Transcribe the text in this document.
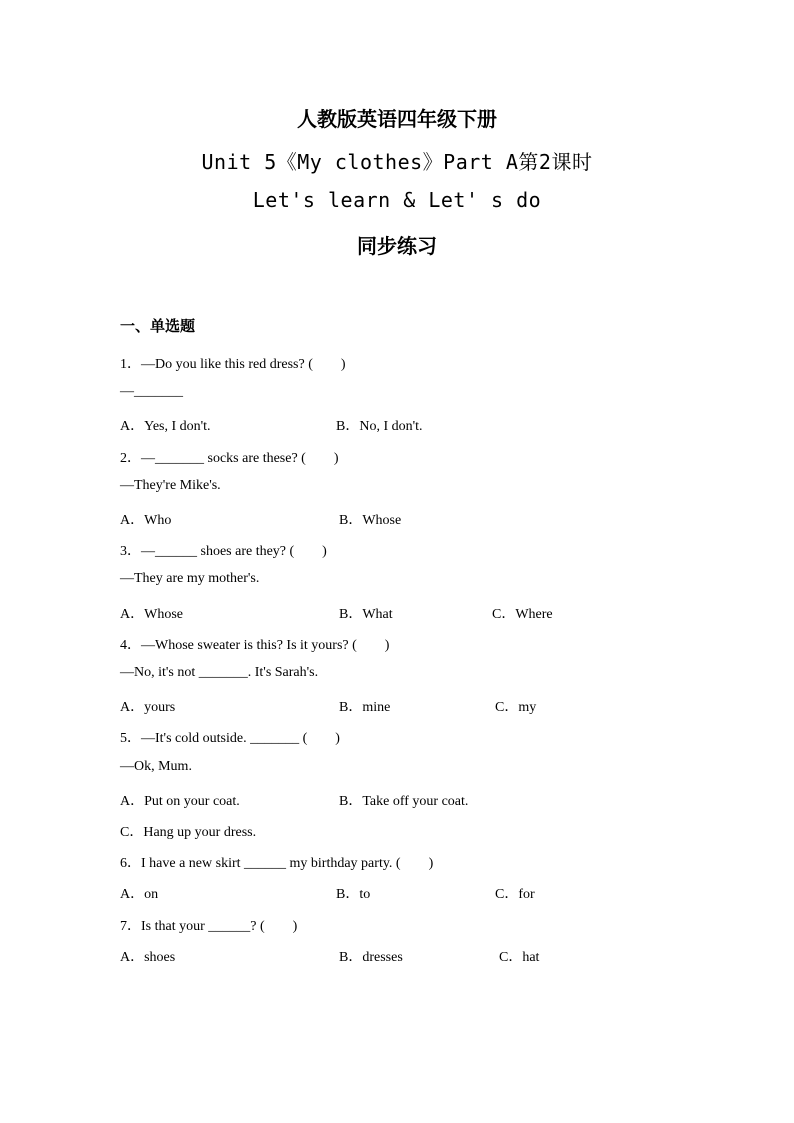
人教版英语四年级下册
Unit 5《My clothes》Part A第2课时
Let's learn & Let' s do
同步练习
一、单选题
1．—Do you like this red dress? (　　)
—_______
A．Yes, I don't.	B．No, I don't.
2．—_______ socks are these? (　　)
—They're Mike's.
A．Who	B．Whose
3．—______ shoes are they? (　　)
—They are my mother's.
A．Whose	B．What	C．Where
4．—Whose sweater is this? Is it yours? (　　)
—No, it's not _______. It's Sarah's.
A．yours	B．mine	C．my
5．—It's cold outside. _______ (　　)
—Ok, Mum.
A．Put on your coat.	B．Take off your coat.
C．Hang up your dress.
6．I have a new skirt ______ my birthday party. (　　)
A．on	B．to	C．for
7．Is that your ______? (　　)
A．shoes	B．dresses	C．hat
